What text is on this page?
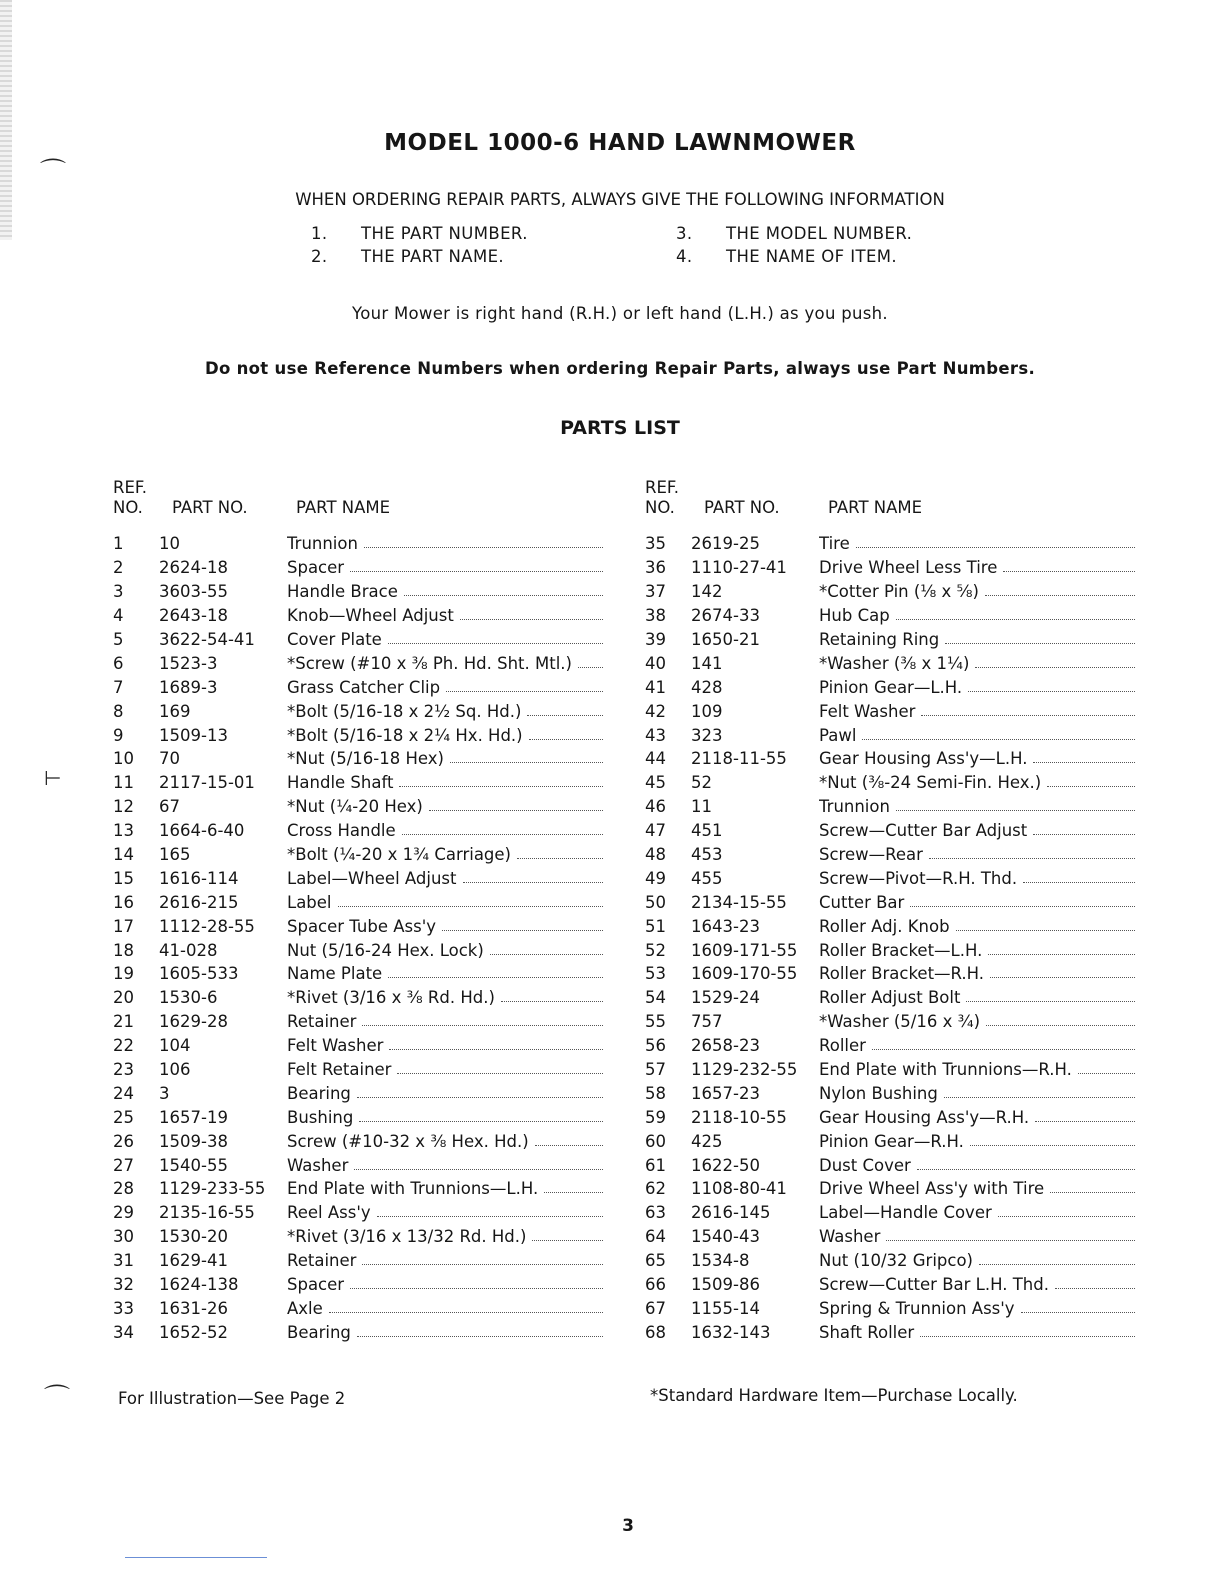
⌒
⊢
⌒
MODEL 1000-6 HAND LAWNMOWER
WHEN ORDERING REPAIR PARTS, ALWAYS GIVE THE FOLLOWING INFORMATION
1.	THE PART NUMBER.	3.	THE MODEL NUMBER.
2.	THE PART NAME.	4.	THE NAME OF ITEM.
Your Mower is right hand (R.H.) or left hand (L.H.) as you push.
Do not use Reference Numbers when ordering Repair Parts, always use Part Numbers.
PARTS LIST
REF.
NO. PART NO.	PART NAME
1	10	Trunnion
2	2624-18	Spacer
3	3603-55	Handle Brace
4	2643-18	Knob—Wheel Adjust
5	3622-54-41	Cover Plate
6	1523-3	*Screw (#10 x ⅜ Ph. Hd. Sht. Mtl.)
7	1689-3	Grass Catcher Clip
8	169	*Bolt (5/16-18 x 2½ Sq. Hd.)
9	1509-13	*Bolt (5/16-18 x 2¼ Hx. Hd.)
10	70	*Nut (5/16-18 Hex)
11	2117-15-01	Handle Shaft
12	67	*Nut (¼-20 Hex)
13	1664-6-40	Cross Handle
14	165	*Bolt (¼-20 x 1¾ Carriage)
15	1616-114	Label—Wheel Adjust
16	2616-215	Label
17	1112-28-55	Spacer Tube Ass'y
18	41-028	Nut (5/16-24 Hex. Lock)
19	1605-533	Name Plate
20	1530-6	*Rivet (3/16 x ⅜ Rd. Hd.)
21	1629-28	Retainer
22	104	Felt Washer
23	106	Felt Retainer
24	3	Bearing
25	1657-19	Bushing
26	1509-38	Screw (#10-32 x ⅜ Hex. Hd.)
27	1540-55	Washer
28	1129-233-55	End Plate with Trunnions—L.H.
29	2135-16-55	Reel Ass'y
30	1530-20	*Rivet (3/16 x 13/32 Rd. Hd.)
31	1629-41	Retainer
32	1624-138	Spacer
33	1631-26	Axle
34	1652-52	Bearing
REF.
NO. PART NO.	PART NAME
35	2619-25	Tire
36	1110-27-41	Drive Wheel Less Tire
37	142	*Cotter Pin (⅛ x ⅝)
38	2674-33	Hub Cap
39	1650-21	Retaining Ring
40	141	*Washer (⅜ x 1¼)
41	428	Pinion Gear—L.H.
42	109	Felt Washer
43	323	Pawl
44	2118-11-55	Gear Housing Ass'y—L.H.
45	52	*Nut (⅜-24 Semi-Fin. Hex.)
46	11	Trunnion
47	451	Screw—Cutter Bar Adjust
48	453	Screw—Rear
49	455	Screw—Pivot—R.H. Thd.
50	2134-15-55	Cutter Bar
51	1643-23	Roller Adj. Knob
52	1609-171-55	Roller Bracket—L.H.
53	1609-170-55	Roller Bracket—R.H.
54	1529-24	Roller Adjust Bolt
55	757	*Washer (5/16 x ¾)
56	2658-23	Roller
57	1129-232-55	End Plate with Trunnions—R.H.
58	1657-23	Nylon Bushing
59	2118-10-55	Gear Housing Ass'y—R.H.
60	425	Pinion Gear—R.H.
61	1622-50	Dust Cover
62	1108-80-41	Drive Wheel Ass'y with Tire
63	2616-145	Label—Handle Cover
64	1540-43	Washer
65	1534-8	Nut (10/32 Gripco)
66	1509-86	Screw—Cutter Bar L.H. Thd.
67	1155-14	Spring & Trunnion Ass'y
68	1632-143	Shaft Roller
For Illustration—See Page 2	*Standard Hardware Item—Purchase Locally.
3
